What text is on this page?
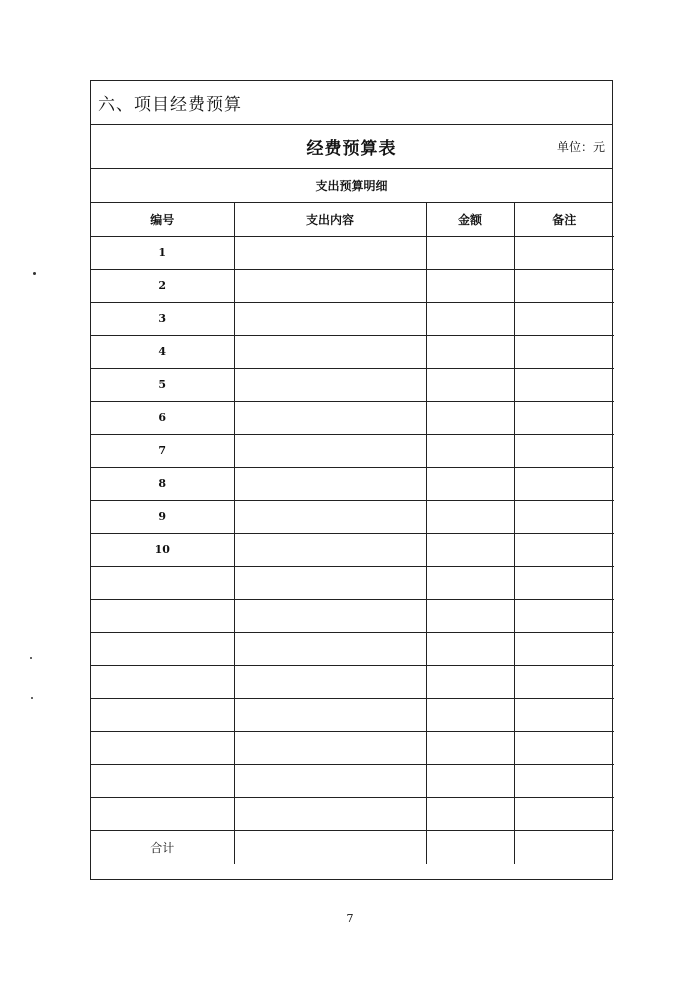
六、项目经费预算
经费预算表	单位：元
支出预算明细
编号	支出内容	金额	备注
1			
2			
3			
4			
5			
6			
7			
8			
9			
10			

合计			
7
